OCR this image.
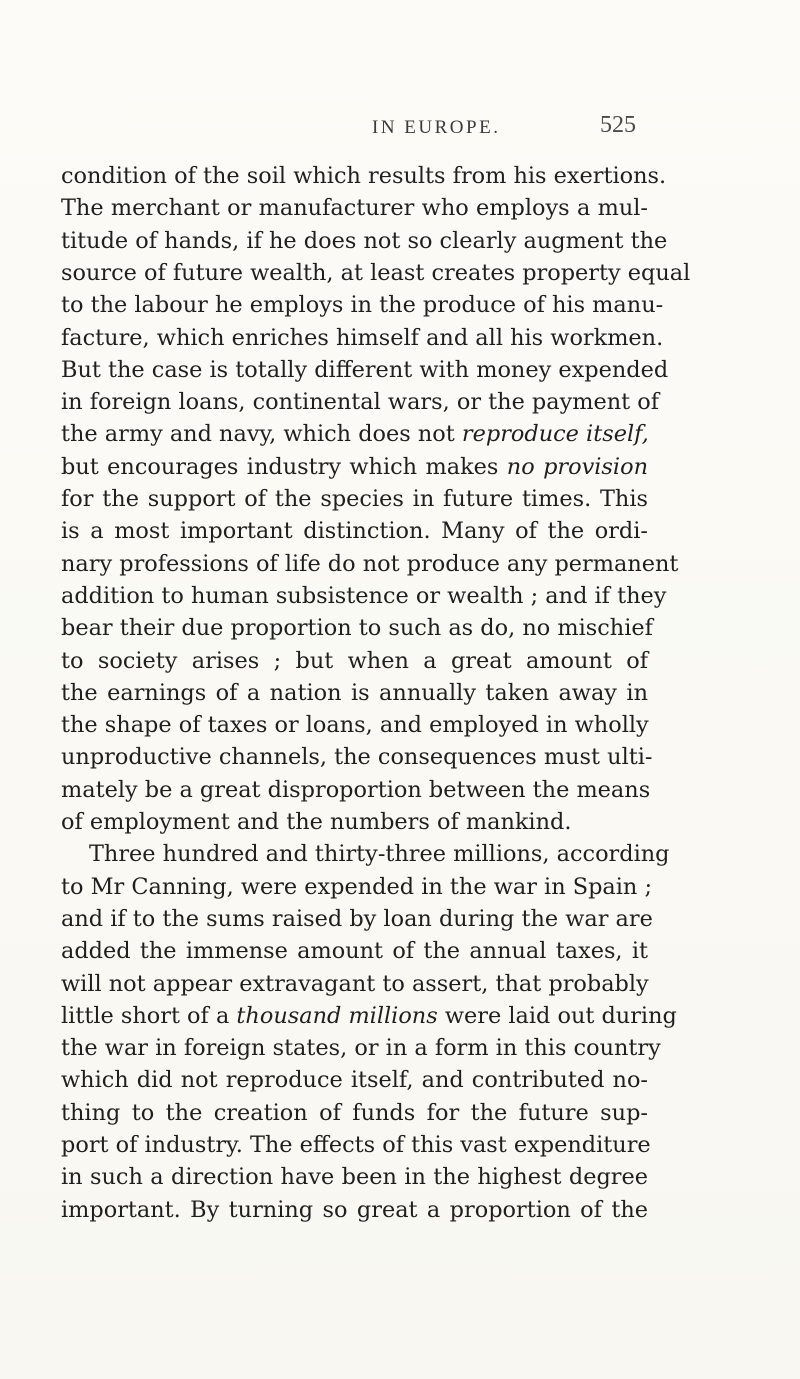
IN EUROPE.	525
condition of the soil which results from his exertions.
The merchant or manufacturer who employs a mul-
titude of hands, if he does not so clearly augment the
source of future wealth, at least creates property equal
to the labour he employs in the produce of his manu-
facture, which enriches himself and all his workmen.
But the case is totally different with money expended
in foreign loans, continental wars, or the payment of
the army and navy, which does not reproduce itself,
but encourages industry which makes no provision
for the support of the species in future times. This
is a most important distinction. Many of the ordi-
nary professions of life do not produce any permanent
addition to human subsistence or wealth ; and if they
bear their due proportion to such as do, no mischief
to society arises ; but when a great amount of
the earnings of a nation is annually taken away in
the shape of taxes or loans, and employed in wholly
unproductive channels, the consequences must ulti-
mately be a great disproportion between the means
of employment and the numbers of mankind.
Three hundred and thirty-three millions, according
to Mr Canning, were expended in the war in Spain ;
and if to the sums raised by loan during the war are
added the immense amount of the annual taxes, it
will not appear extravagant to assert, that probably
little short of a thousand millions were laid out during
the war in foreign states, or in a form in this country
which did not reproduce itself, and contributed no-
thing to the creation of funds for the future sup-
port of industry. The effects of this vast expenditure
in such a direction have been in the highest degree
important. By turning so great a proportion of the
